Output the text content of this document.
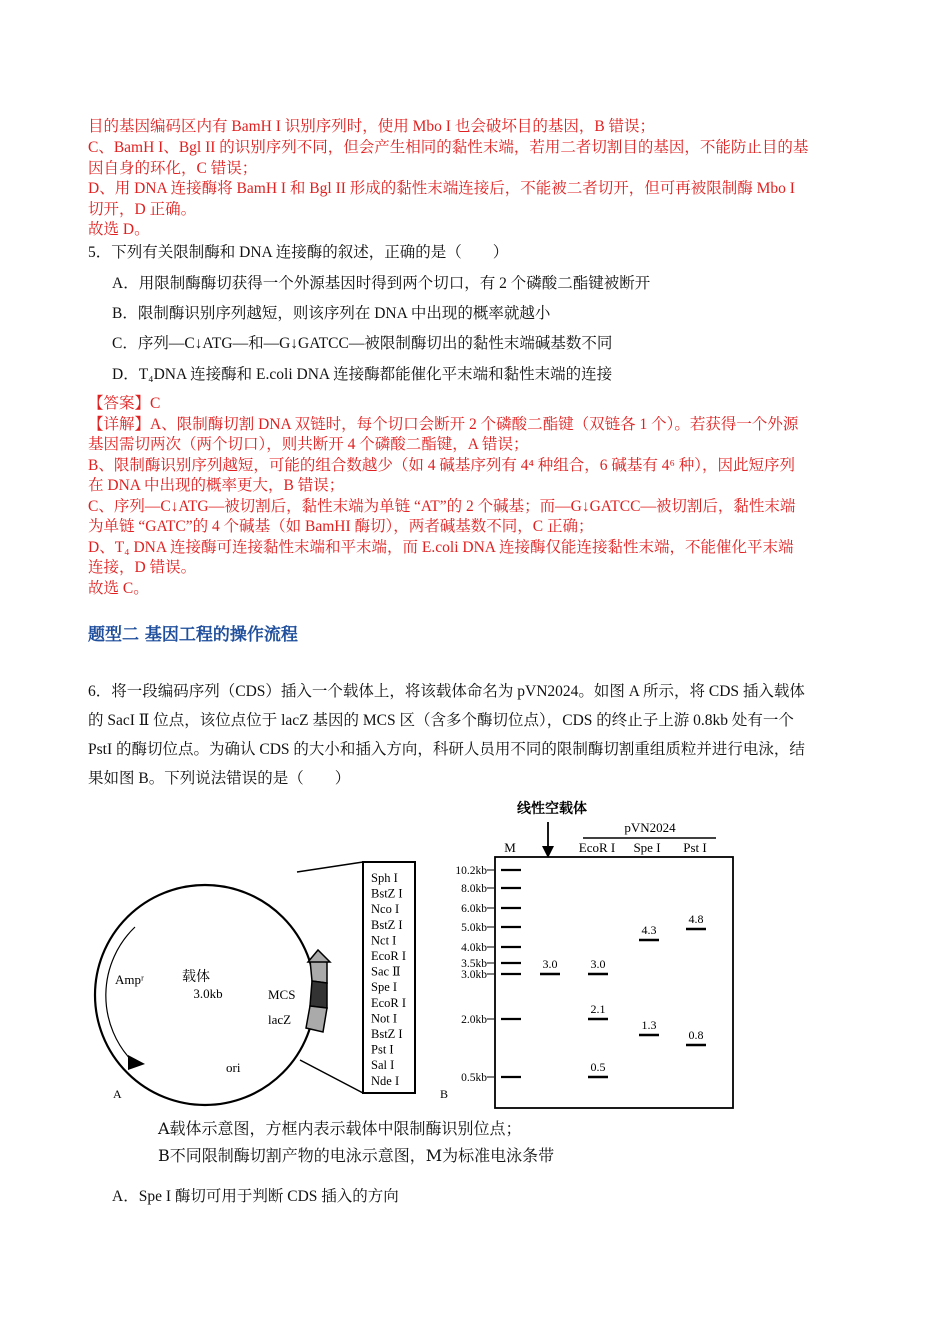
目的基因编码区内有 BamH I 识别序列时，使用 Mbo I 也会破坏目的基因，B 错误；
C、BamH I、Bgl II 的识别序列不同，但会产生相同的黏性末端，若用二者切割目的基因，不能防止目的基
因自身的环化，C 错误；
D、用 DNA 连接酶将 BamH I 和 Bgl II 形成的黏性末端连接后，不能被二者切开，但可再被限制酶 Mbo I
切开，D 正确。
故选 D。
5．下列有关限制酶和 DNA 连接酶的叙述，正确的是（　　）
A．用限制酶酶切获得一个外源基因时得到两个切口，有 2 个磷酸二酯键被断开
B．限制酶识别序列越短，则该序列在 DNA 中出现的概率就越小
C．序列—C↓ATG—和—G↓GATCC—被限制酶切出的黏性末端碱基数不同
D．T₄DNA 连接酶和 E.coli DNA 连接酶都能催化平末端和黏性末端的连接
【答案】C
【详解】A、限制酶切割 DNA 双链时，每个切口会断开 2 个磷酸二酯键（双链各 1 个）。若获得一个外源
基因需切两次（两个切口），则共断开 4 个磷酸二酯键，A 错误；
B、限制酶识别序列越短，可能的组合数越少（如 4 碱基序列有 4⁴ 种组合，6 碱基有 4⁶ 种），因此短序列
在 DNA 中出现的概率更大，B 错误；
C、序列—C↓ATG—被切割后，黏性末端为单链 “AT”的 2 个碱基；而—G↓GATCC—被切割后，黏性末端
为单链 “GATC”的 4 个碱基（如 BamHI 酶切），两者碱基数不同，C 正确；
D、T₄ DNA 连接酶可连接黏性末端和平末端，而 E.coli DNA 连接酶仅能连接黏性末端，不能催化平末端
连接，D 错误。
故选 C。
题型二 基因工程的操作流程
6．将一段编码序列（CDS）插入一个载体上，将该载体命名为 pVN2024。如图 A 所示，将 CDS 插入载体
的 SacI Ⅱ 位点，该位点位于 lacZ 基因的 MCS 区（含多个酶切位点），CDS 的终止子上游 0.8kb 处有一个
PstI 的酶切位点。为确认 CDS 的大小和插入方向，科研人员用不同的限制酶切割重组质粒并进行电泳，结
果如图 B。下列说法错误的是（　　）
载体
3.0kb
Ampʳ
ori
MCS
lacZ
A
Sph I
BstZ I
Nco I
BstZ I
Nct I
EcoR I
Sac Ⅱ
Spe I
EcoR I
Not I
BstZ I
Pst I
Sal I
Nde I
线性空载体
pVN2024
M	EcoR I Spe I Pst I
10.2kb
8.0kb
6.0kb
5.0kb
4.0kb
3.5kb
3.0kb
2.0kb
0.5kb
3.0	3.0
2.1
0.5
4.3
1.3
4.8
0.8
B
A载体示意图，方框内表示载体中限制酶识别位点；
B不同限制酶切割产物的电泳示意图，M为标准电泳条带
A．Spe I 酶切可用于判断 CDS 插入的方向
